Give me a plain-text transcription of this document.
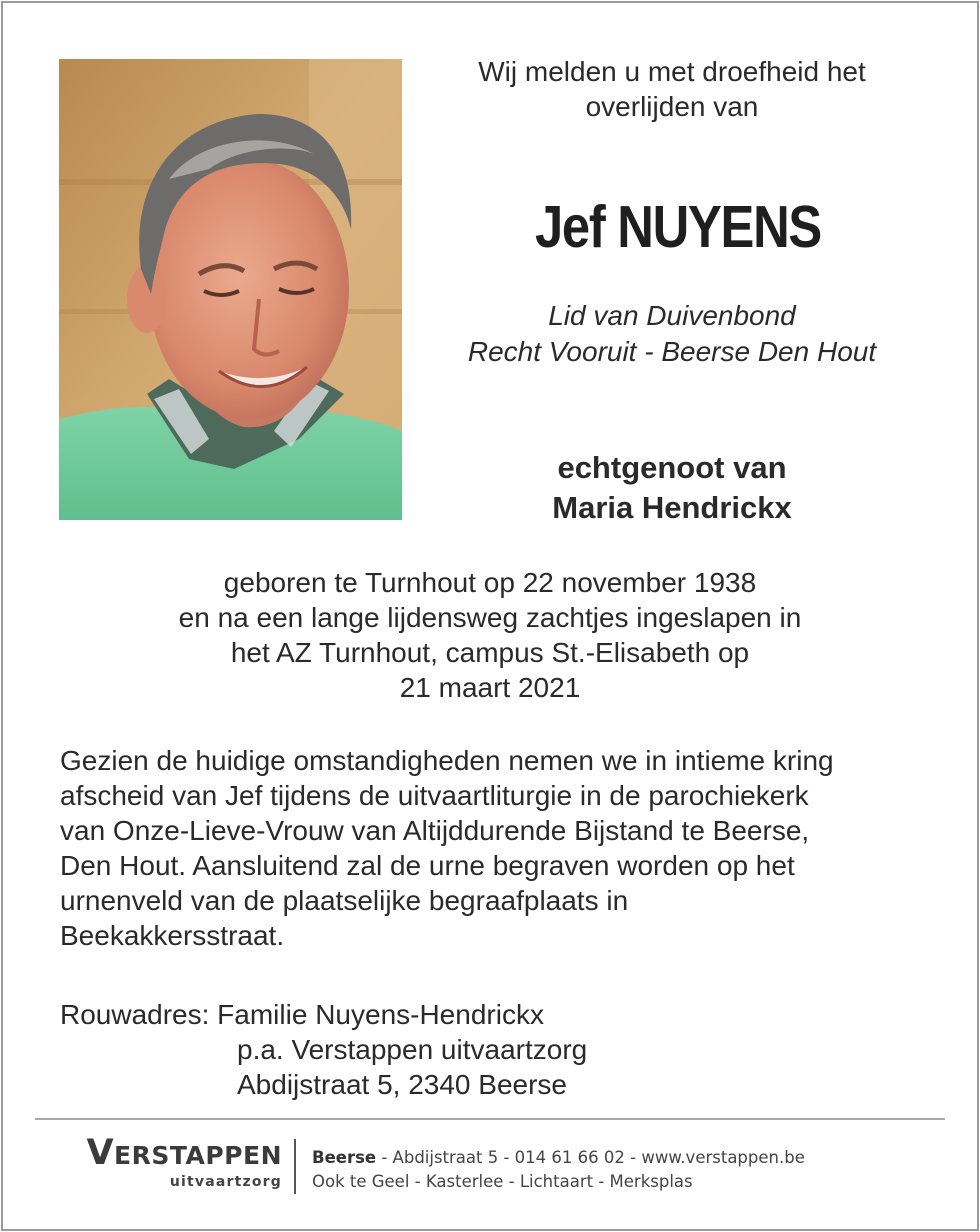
Wij melden u met droefheid het
overlijden van
Jef NUYENS
Lid van Duivenbond
Recht Vooruit - Beerse Den Hout
echtgenoot van
Maria Hendrickx
geboren te Turnhout op 22 november 1938
en na een lange lijdensweg zachtjes ingeslapen in
het AZ Turnhout, campus St.-Elisabeth op
21 maart 2021
Gezien de huidige omstandigheden nemen we in intieme kring
afscheid van Jef tijdens de uitvaartliturgie in de parochiekerk
van Onze-Lieve-Vrouw van Altijddurende Bijstand te Beerse,
Den Hout. Aansluitend zal de urne begraven worden op het
urnenveld van de plaatselijke begraafplaats in
Beekakkersstraat.
Rouwadres: Familie Nuyens-Hendrickx
p.a. Verstappen uitvaartzorg
Abdijstraat 5, 2340 Beerse
VERSTAPPEN
uitvaartzorg
Beerse - Abdijstraat 5 - 014 61 66 02 - www.verstappen.be
Ook te Geel - Kasterlee - Lichtaart - Merksplas
